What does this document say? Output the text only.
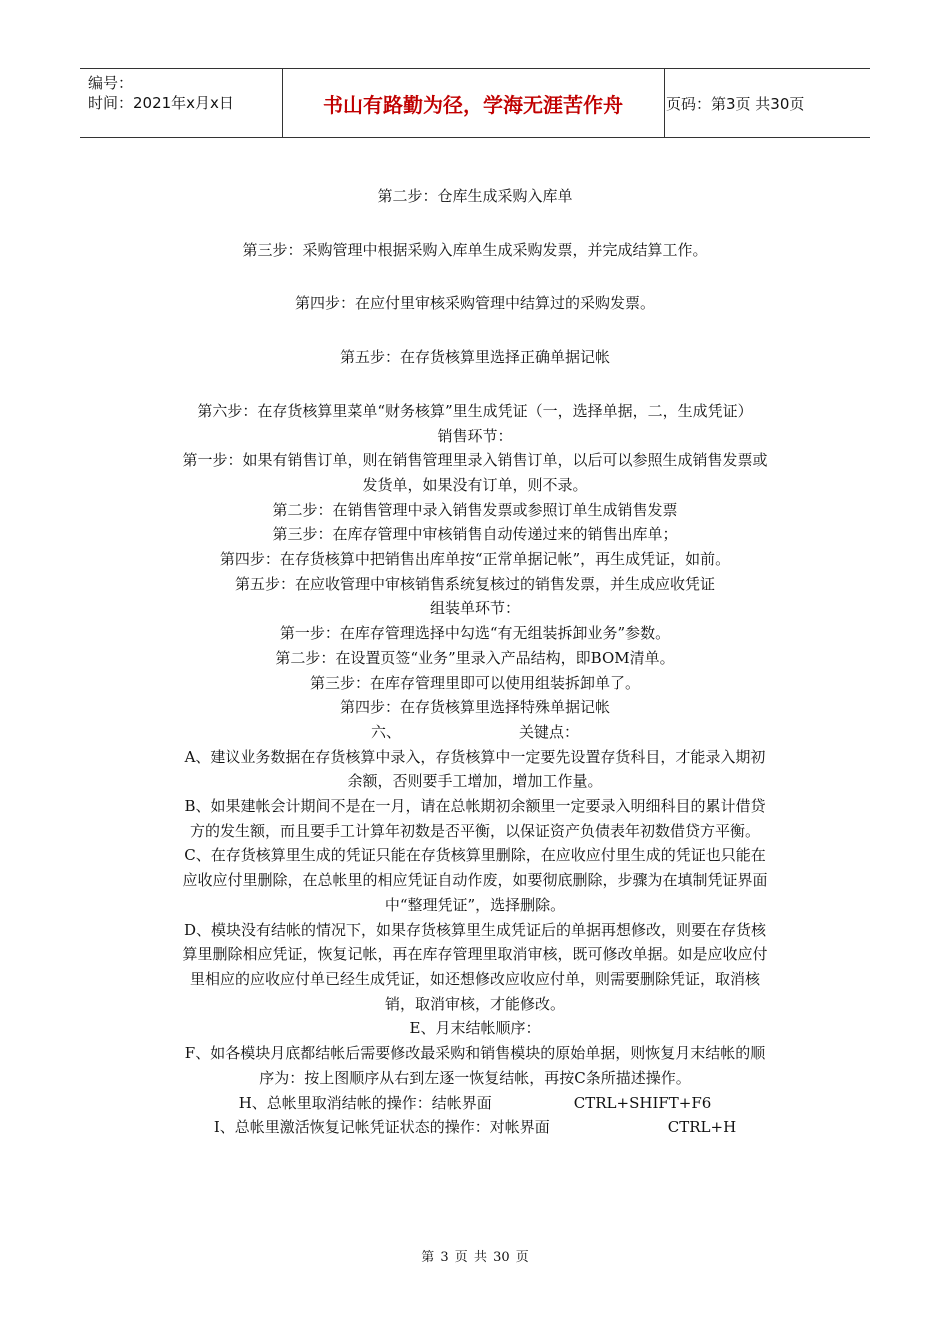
编号：
时间：2021年x月x日	书山有路勤为径，学海无涯苦作舟	页码：第3页 共30页
第二步：仓库生成采购入库单
第三步：采购管理中根据采购入库单生成采购发票，并完成结算工作。
第四步：在应付里审核采购管理中结算过的采购发票。
第五步：在存货核算里选择正确单据记帐
第六步：在存货核算里菜单“财务核算”里生成凭证（一，选择单据，二，生成凭证）
销售环节：
第一步：如果有销售订单，则在销售管理里录入销售订单，以后可以参照生成销售发票或
发货单，如果没有订单，则不录。
第二步：在销售管理中录入销售发票或参照订单生成销售发票
第三步：在库存管理中审核销售自动传递过来的销售出库单；
第四步：在存货核算中把销售出库单按“正常单据记帐”，再生成凭证，如前。
第五步：在应收管理中审核销售系统复核过的销售发票，并生成应收凭证
组装单环节：
第一步：在库存管理选择中勾选“有无组装拆卸业务”参数。
第二步：在设置页签“业务”里录入产品结构，即BOM清单。
第三步：在库存管理里即可以使用组装拆卸单了。
第四步：在存货核算里选择特殊单据记帐
六、	关键点：
A、建议业务数据在存货核算中录入，存货核算中一定要先设置存货科目，才能录入期初
余额，否则要手工增加，增加工作量。
B、如果建帐会计期间不是在一月，请在总帐期初余额里一定要录入明细科目的累计借贷
方的发生额，而且要手工计算年初数是否平衡，以保证资产负债表年初数借贷方平衡。
C、在存货核算里生成的凭证只能在存货核算里删除，在应收应付里生成的凭证也只能在
应收应付里删除，在总帐里的相应凭证自动作废，如要彻底删除，步骤为在填制凭证界面
中“整理凭证”，选择删除。
D、模块没有结帐的情况下，如果存货核算里生成凭证后的单据再想修改，则要在存货核
算里删除相应凭证，恢复记帐，再在库存管理里取消审核，既可修改单据。如是应收应付
里相应的应收应付单已经生成凭证，如还想修改应收应付单，则需要删除凭证，取消核
销，取消审核，才能修改。
E、月末结帐顺序：
F、如各模块月底都结帐后需要修改最采购和销售模块的原始单据，则恢复月末结帐的顺
序为：按上图顺序从右到左逐一恢复结帐，再按C条所描述操作。
H、总帐里取消结帐的操作：结帐界面	CTRL+SHIFT+F6
I、总帐里激活恢复记帐凭证状态的操作：对帐界面	CTRL+H
第 3 页 共 30 页
